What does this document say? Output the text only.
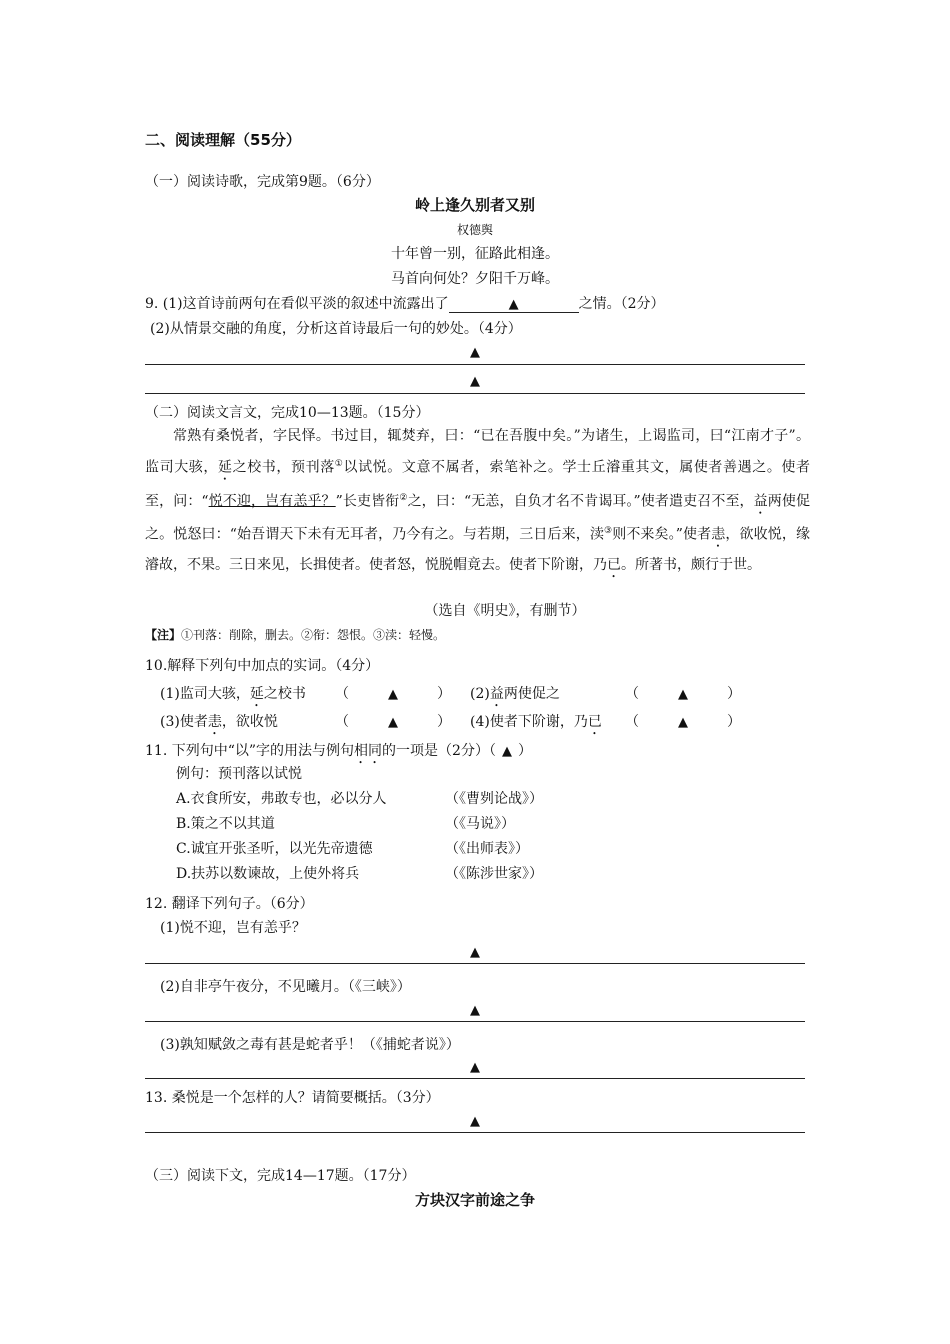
二、阅读理解（55分）
（一）阅读诗歌，完成第9题。（6分）
岭上逢久别者又别
权德舆
十年曾一别，征路此相逢。
马首向何处？夕阳千万峰。
9. (1)这首诗前两句在看似平淡的叙述中流露出了	▲	之情。（2分）
(2)从情景交融的角度，分析这首诗最后一句的妙处。（4分）
▲
▲
（二）阅读文言文，完成10—13题。（15分）
常熟有桑悦者，字民怿。书过目，辄焚弃，曰：“已在吾腹中矣。”为诸生，上谒监司，曰“江南才子”。监司大骇，延之校书，预刊落①以试悦。文意不属者，索笔补之。学士丘濬重其文，属使者善遇之。使者至，问：“悦不迎，岂有恙乎？”长吏皆衔②之，曰：“无恙，自负才名不肯谒耳。”使者遣吏召不至，益两使促之。悦怒曰：“始吾谓天下未有无耳者，乃今有之。与若期，三日后来，渎③则不来矣。”使者恚，欲收悦，缘濬故，不果。三日来见，长揖使者。使者怒，悦脱帽竟去。使者下阶谢，乃已。所著书，颇行于世。
（选自《明史》，有删节）
【注】①刊落：削除，删去。②衔：怨恨。③渎：轻慢。
10.解释下列句中加点的实词。（4分）
(1)监司大骇，延之校书 （	▲	） (2)益两使促之	（	▲	）
(3)使者恚，欲收悦	（	▲	） (4)使者下阶谢，乃已 （	▲	）
11. 下列句中“以”字的用法与例句相同的一项是（2分）（ ▲ ）
例句：预刊落以试悦
A.衣食所安，弗敢专也，必以分人	（《曹刿论战》）
B.策之不以其道	（《马说》）
C.诚宜开张圣听，以光先帝遗德	（《出师表》）
D.扶苏以数谏故，上使外将兵	（《陈涉世家》）
12. 翻译下列句子。（6分）
(1)悦不迎，岂有恙乎？
▲
(2)自非亭午夜分，不见曦月。（《三峡》）
▲
(3)孰知赋敛之毒有甚是蛇者乎！（《捕蛇者说》）
▲
13. 桑悦是一个怎样的人？请简要概括。（3分）
▲
（三）阅读下文，完成14—17题。（17分）
方块汉字前途之争
